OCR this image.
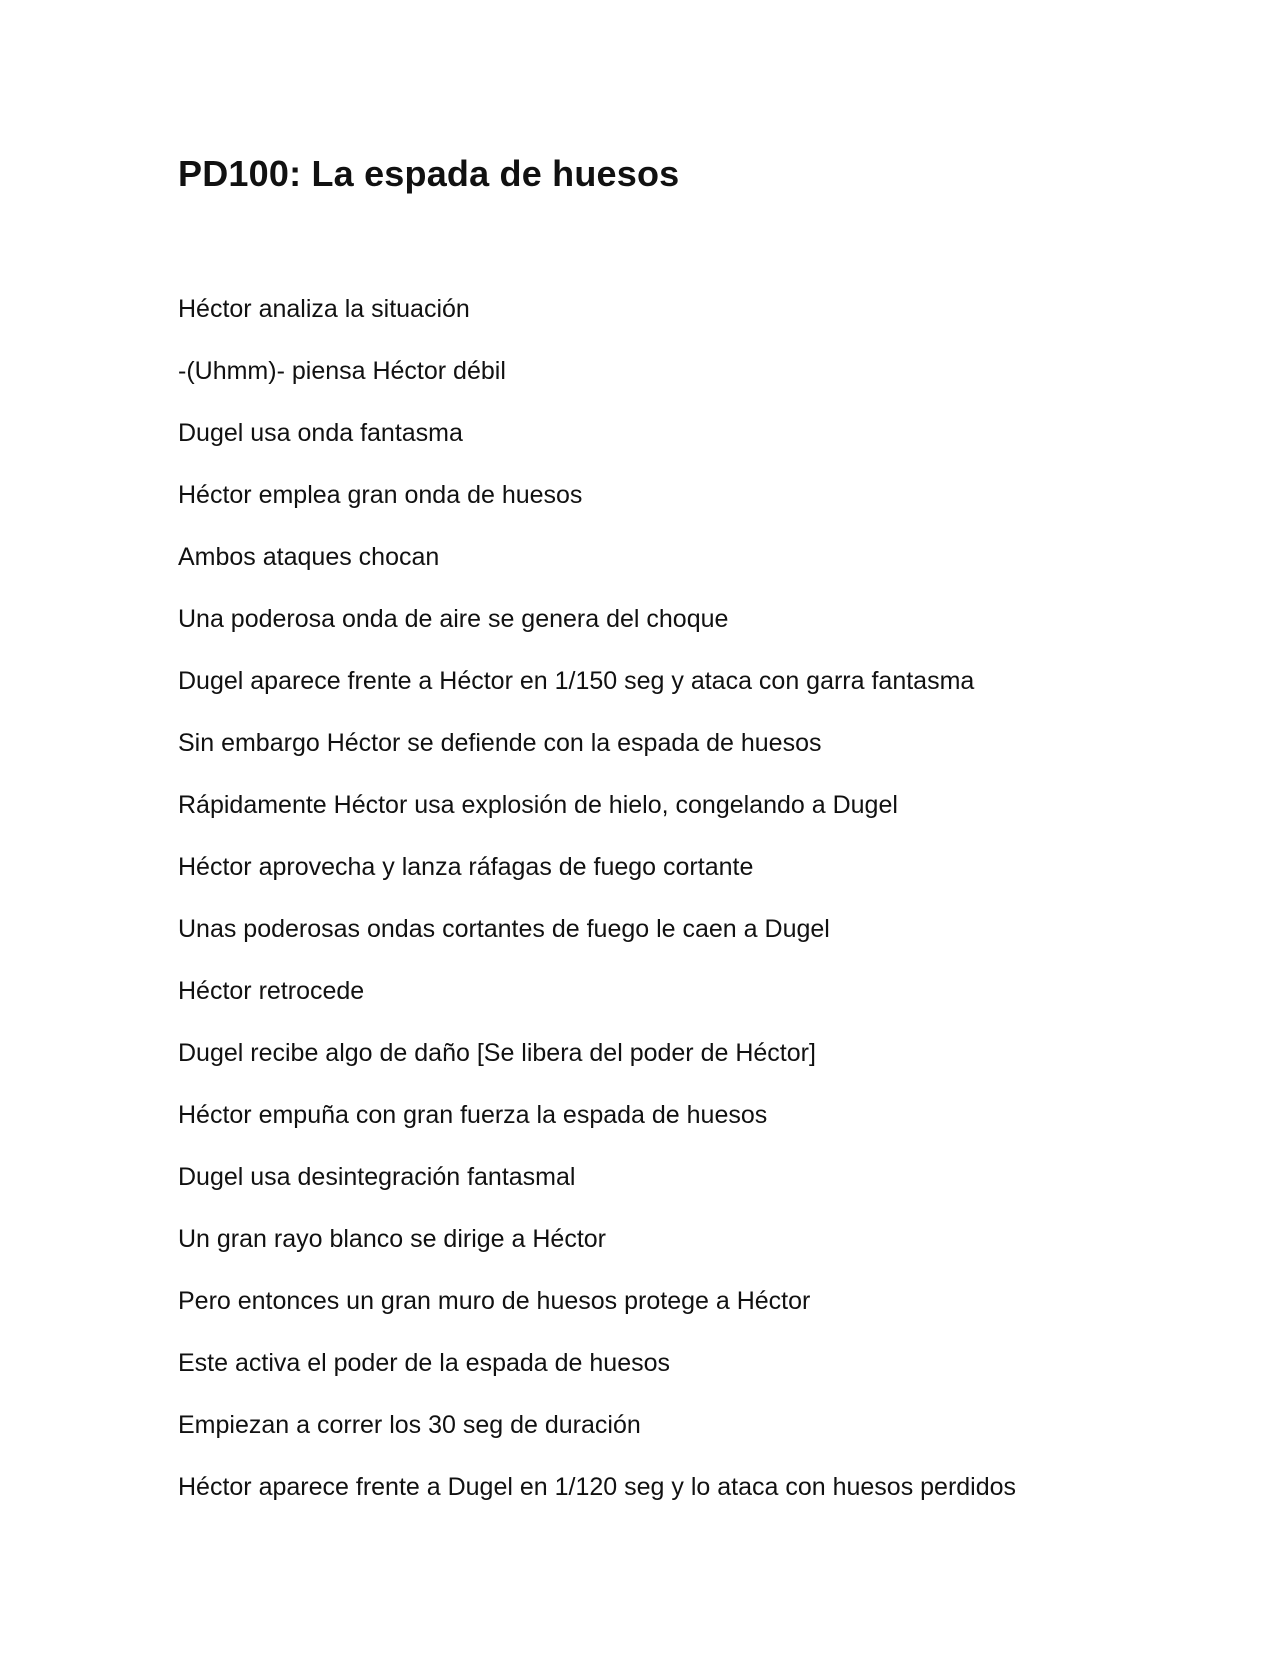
PD100: La espada de huesos
Héctor analiza la situación
-(Uhmm)- piensa Héctor débil
Dugel usa onda fantasma
Héctor emplea gran onda de huesos
Ambos ataques chocan
Una poderosa onda de aire se genera del choque
Dugel aparece frente a Héctor en 1/150 seg y ataca con garra fantasma
Sin embargo Héctor se defiende con la espada de huesos
Rápidamente Héctor usa explosión de hielo, congelando a Dugel
Héctor aprovecha y lanza ráfagas de fuego cortante
Unas poderosas ondas cortantes de fuego le caen a Dugel
Héctor retrocede
Dugel recibe algo de daño [Se libera del poder de Héctor]
Héctor empuña con gran fuerza la espada de huesos
Dugel usa desintegración fantasmal
Un gran rayo blanco se dirige a Héctor
Pero entonces un gran muro de huesos protege a Héctor
Este activa el poder de la espada de huesos
Empiezan a correr los 30 seg de duración
Héctor aparece frente a Dugel en 1/120 seg y lo ataca con huesos perdidos
